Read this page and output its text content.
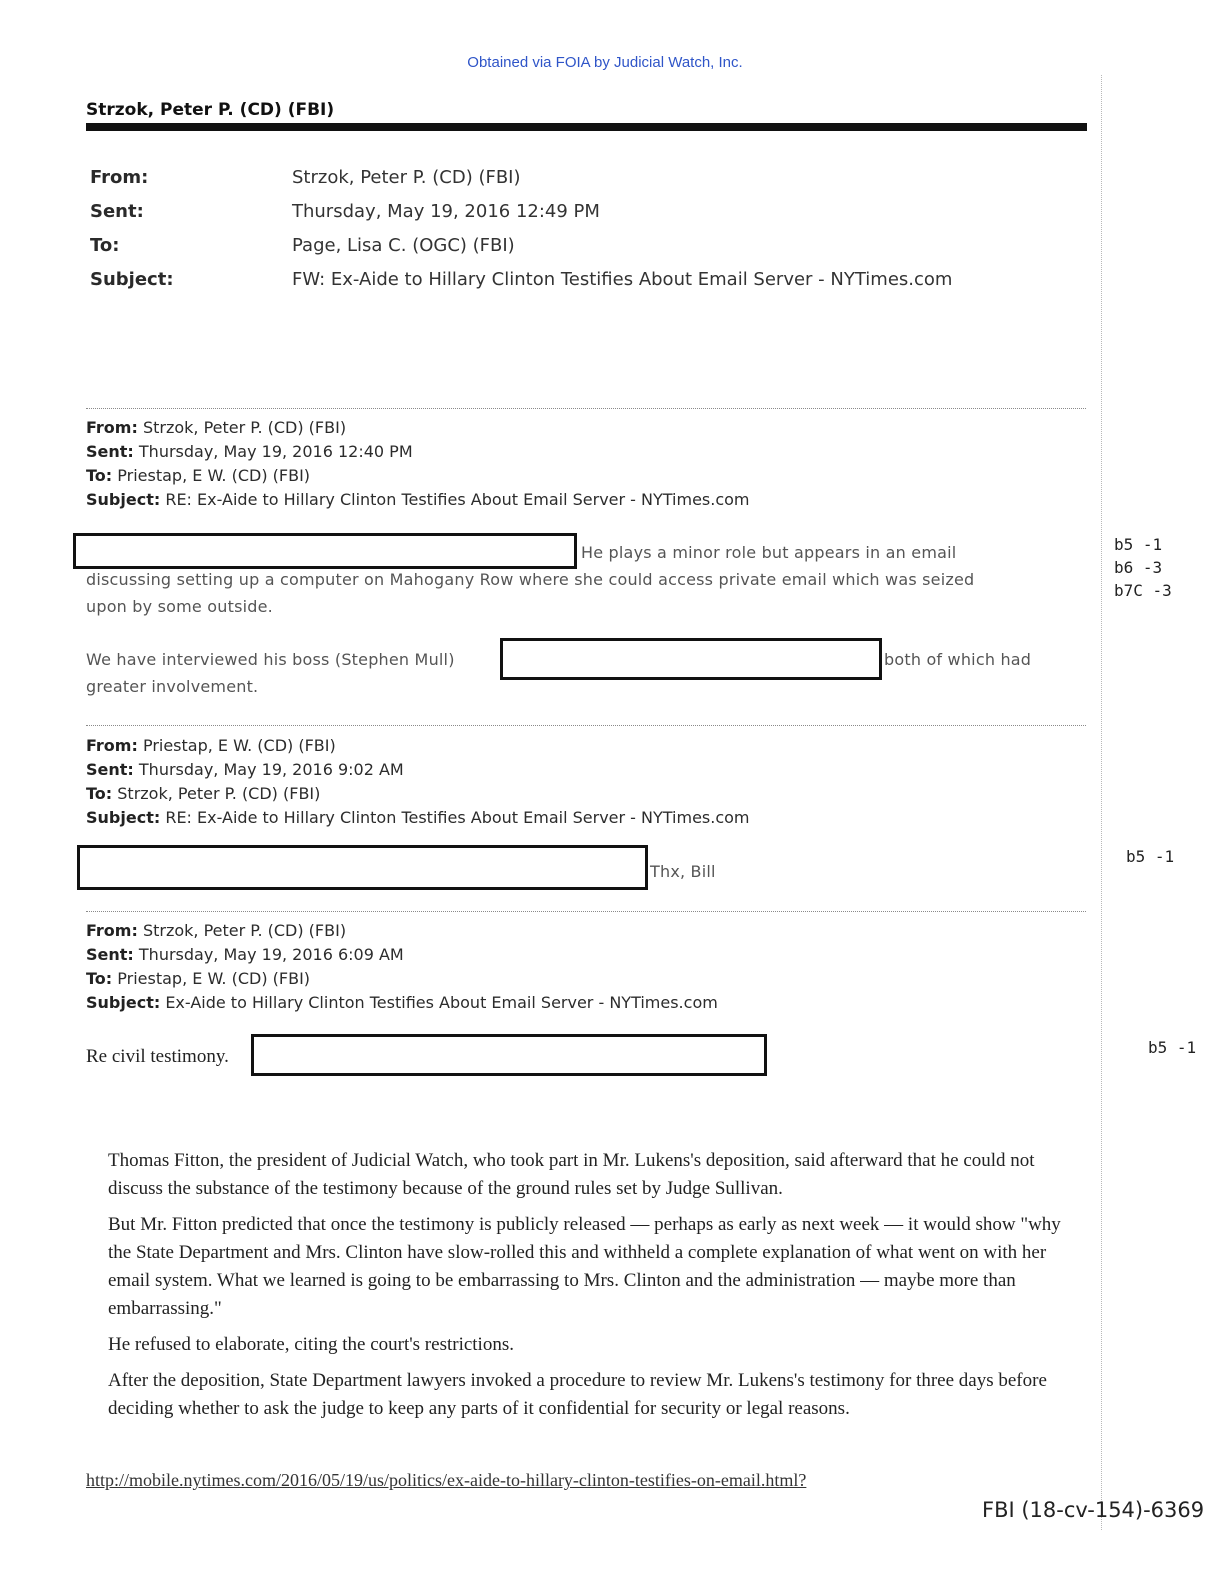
Obtained via FOIA by Judicial Watch, Inc.
Strzok, Peter P. (CD) (FBI)
From:	Strzok, Peter P. (CD) (FBI)
Sent:	Thursday, May 19, 2016 12:49 PM
To:	Page, Lisa C. (OGC) (FBI)
Subject:	FW: Ex-Aide to Hillary Clinton Testifies About Email Server - NYTimes.com
From: Strzok, Peter P. (CD) (FBI)
Sent: Thursday, May 19, 2016 12:40 PM
To: Priestap, E W. (CD) (FBI)
Subject: RE: Ex-Aide to Hillary Clinton Testifies About Email Server - NYTimes.com
He plays a minor role but appears in an email
discussing setting up a computer on Mahogany Row where she could access private email which was seized
upon by some outside.
We have interviewed his boss (Stephen Mull)	both of which had
greater involvement.
b5 -1
b6 -3
b7C -3
From: Priestap, E W. (CD) (FBI)
Sent: Thursday, May 19, 2016 9:02 AM
To: Strzok, Peter P. (CD) (FBI)
Subject: RE: Ex-Aide to Hillary Clinton Testifies About Email Server - NYTimes.com
Thx, Bill
b5 -1
From: Strzok, Peter P. (CD) (FBI)
Sent: Thursday, May 19, 2016 6:09 AM
To: Priestap, E W. (CD) (FBI)
Subject: Ex-Aide to Hillary Clinton Testifies About Email Server - NYTimes.com
Re civil testimony.	b5 -1

Thomas Fitton, the president of Judicial Watch, who took part in Mr. Lukens's deposition, said afterward that he could not discuss the substance of the testimony because of the ground rules set by Judge Sullivan.

But Mr. Fitton predicted that once the testimony is publicly released — perhaps as early as next week — it would show "why the State Department and Mrs. Clinton have slow-rolled this and withheld a complete explanation of what went on with her email system. What we learned is going to be embarrassing to Mrs. Clinton and the administration — maybe more than embarrassing."

He refused to elaborate, citing the court's restrictions.

After the deposition, State Department lawyers invoked a procedure to review Mr. Lukens's testimony for three days before deciding whether to ask the judge to keep any parts of it confidential for security or legal reasons.

http://mobile.nytimes.com/2016/05/19/us/politics/ex-aide-to-hillary-clinton-testifies-on-email.html?
FBI (18-cv-154)-6369
